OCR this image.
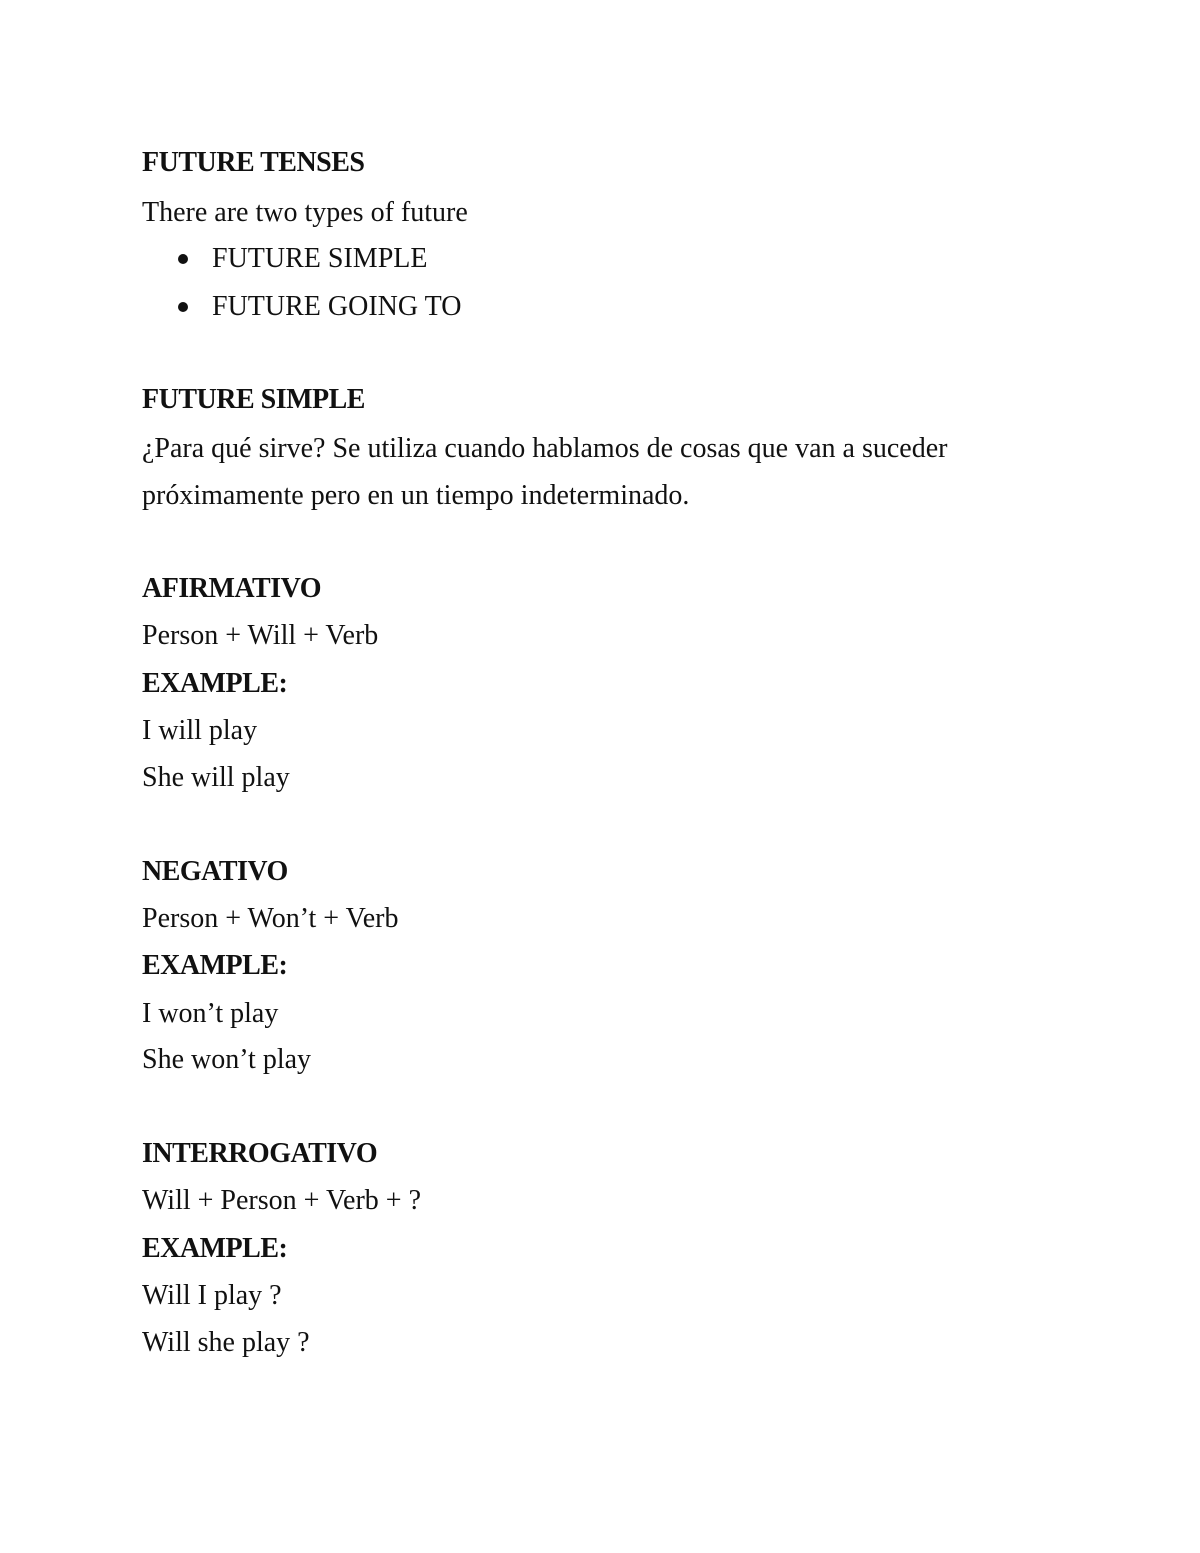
FUTURE TENSES
There are two types of future
FUTURE SIMPLE
FUTURE GOING TO
FUTURE SIMPLE
¿Para qué sirve? Se utiliza cuando hablamos de cosas que van a suceder
próximamente pero en un tiempo indeterminado.
AFIRMATIVO
Person + Will + Verb
EXAMPLE:
I will play
She will play
NEGATIVO
Person + Won’t + Verb
EXAMPLE:
I won’t play
She won’t play
INTERROGATIVO
Will + Person + Verb + ?
EXAMPLE:
Will I play ?
Will she play ?
